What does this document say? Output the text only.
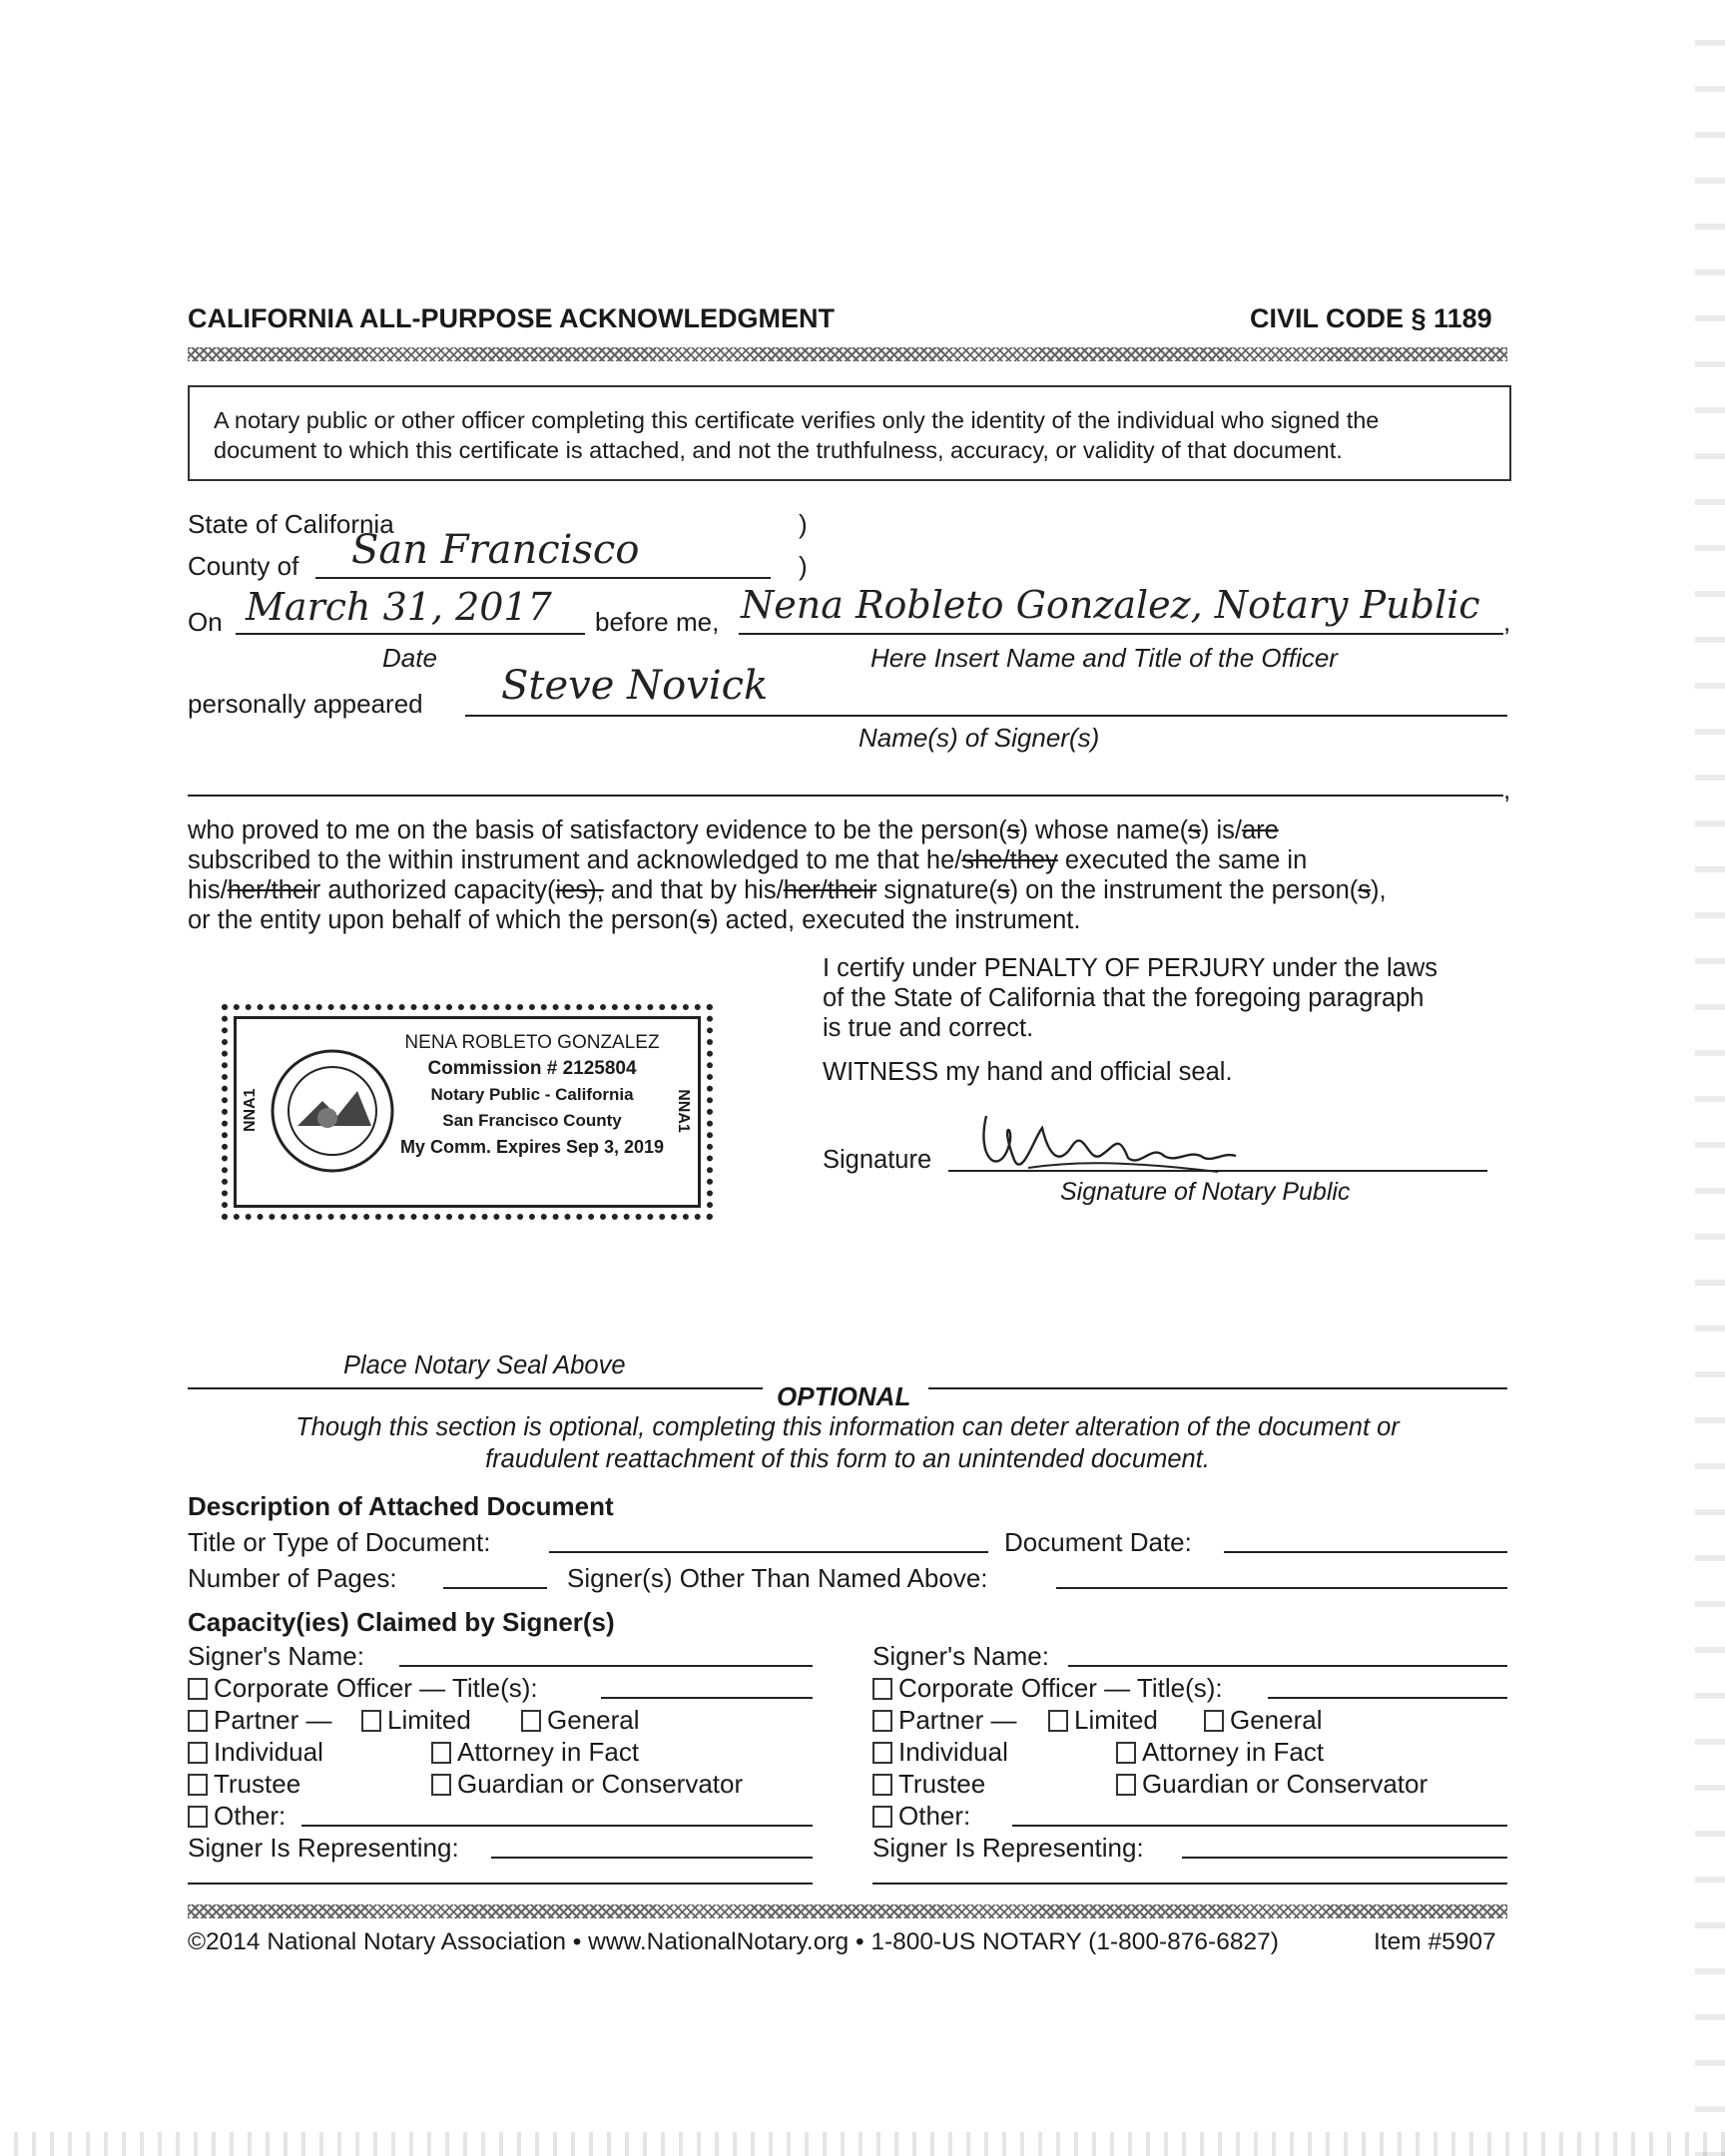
CALIFORNIA ALL-PURPOSE ACKNOWLEDGMENT	CIVIL CODE § 1189
A notary public or other officer completing this certificate verifies only the identity of the individual who signed the
document to which this certificate is attached, and not the truthfulness, accuracy, or validity of that document.
State of California	)
County of San Francisco	)
On March 31, 2017 before me, Nena Robleto Gonzalez, Notary Public ,
Date	Here Insert Name and Title of the Officer
personally appeared Steve Novick
Name(s) of Signer(s)
,
who proved to me on the basis of satisfactory evidence to be the person(s) whose name(s) is/are
subscribed to the within instrument and acknowledged to me that he/she/they executed the same in
his/her/their authorized capacity(ies), and that by his/her/their signature(s) on the instrument the person(s),
or the entity upon behalf of which the person(s) acted, executed the instrument.
I certify under PENALTY OF PERJURY under the laws
of the State of California that the foregoing paragraph
is true and correct.
WITNESS my hand and official seal.
Signature
Signature of Notary Public
NNA1	NNA1
NENA ROBLETO GONZALEZ
Commission # 2125804
Notary Public - California
San Francisco County
My Comm. Expires Sep 3, 2019
Place Notary Seal Above
OPTIONAL
Though this section is optional, completing this information can deter alteration of the document or
fraudulent reattachment of this form to an unintended document.
Description of Attached Document
Title or Type of Document:	Document Date:
Number of Pages:	Signer(s) Other Than Named Above:
Capacity(ies) Claimed by Signer(s)
Signer's Name:
Corporate Officer — Title(s):
Partner —	Limited	General
Individual	Attorney in Fact
Trustee	Guardian or Conservator
Other:
Signer Is Representing:
Signer's Name:
Corporate Officer — Title(s):
Partner —	Limited	General
Individual	Attorney in Fact
Trustee	Guardian or Conservator
Other:
Signer Is Representing:
©2014 National Notary Association • www.NationalNotary.org • 1-800-US NOTARY (1-800-876-6827)	Item #5907
